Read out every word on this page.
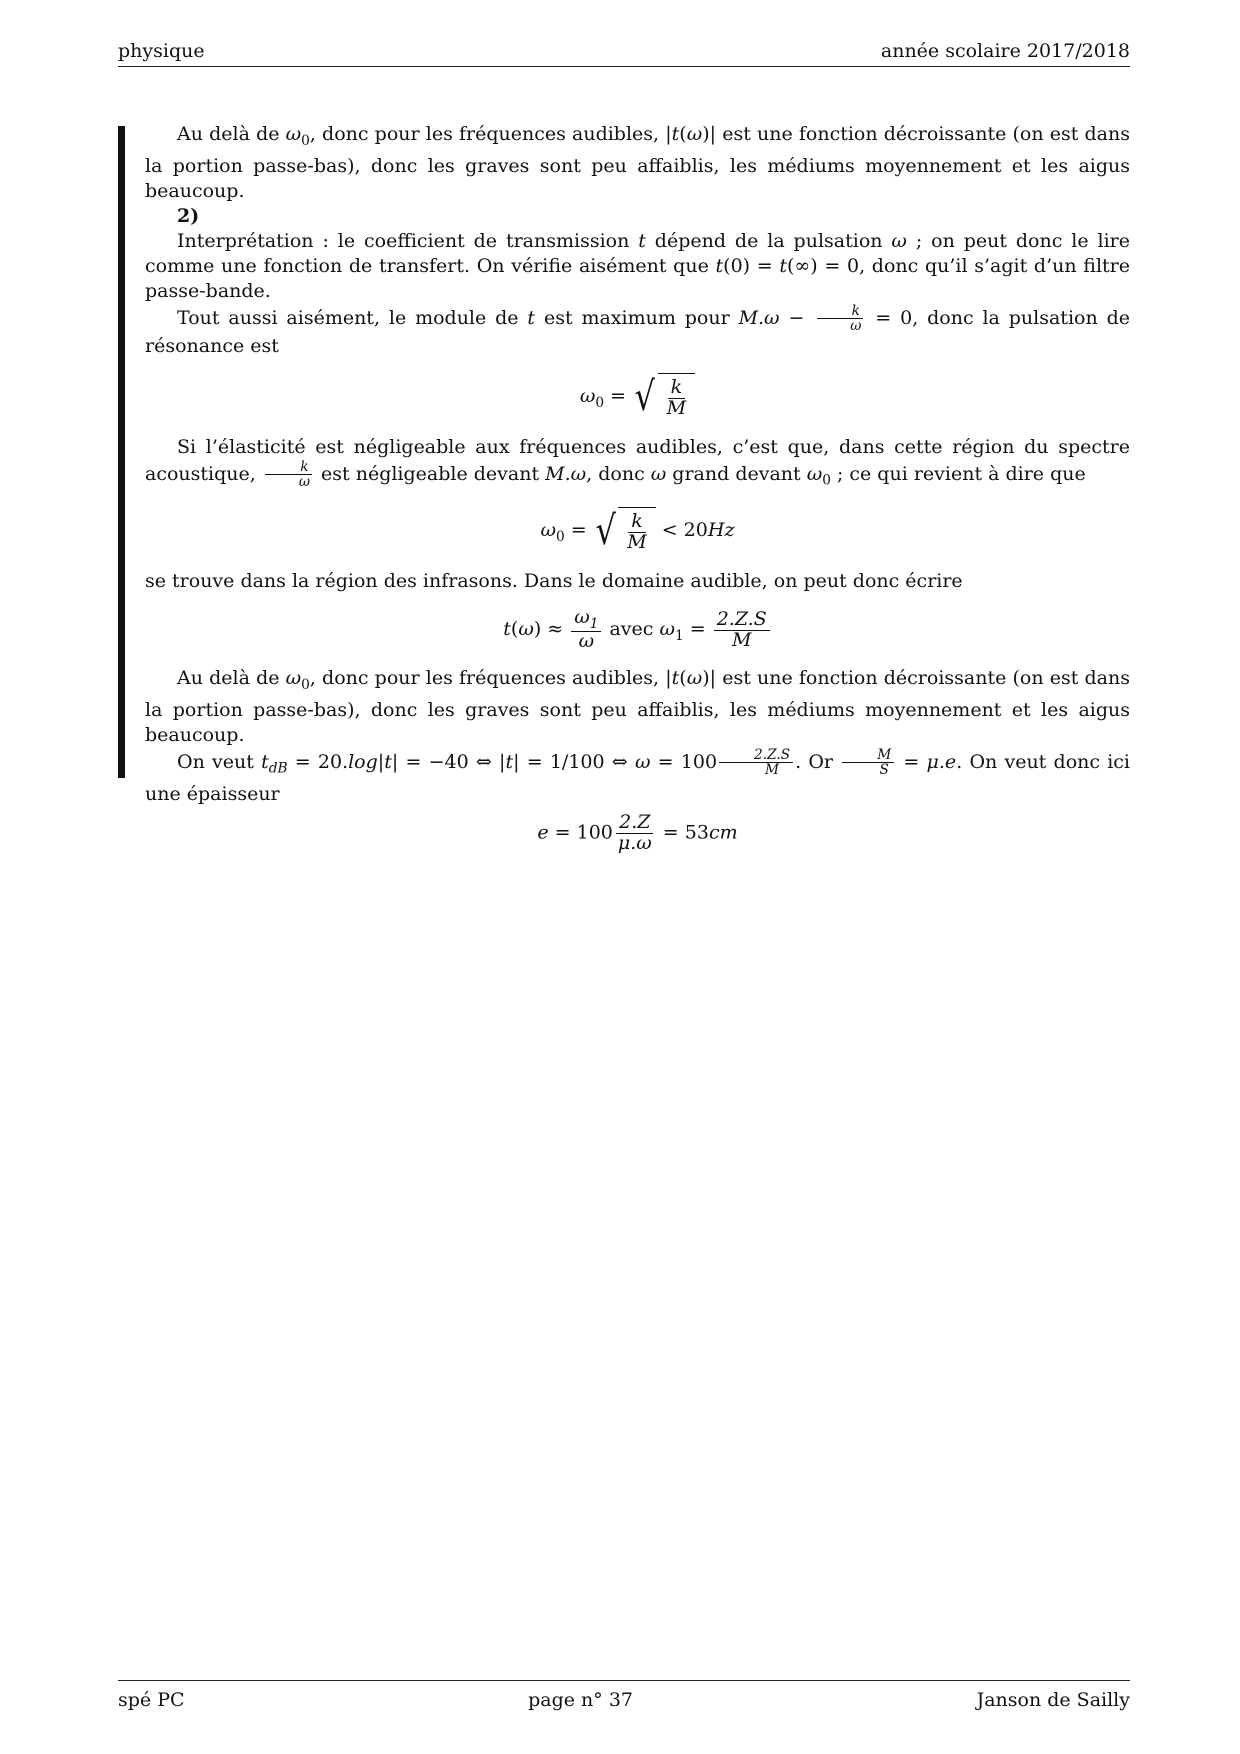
physique	année scolaire 2017/2018

Au delà de $\omega_0$, donc pour les fréquences audibles, |t(ω)| est une fonction décroissante (on est dans la portion passe-bas), donc les graves sont peu affaiblis, les médiums moyennement et les aigus beaucoup.

2)

Interprétation : le coefficient de transmission t dépend de la pulsation ω ; on peut donc le lire comme une fonction de transfert. On vérifie aisément que t(0) = t(∞) = 0, donc qu’il s’agit d’un filtre passe-bande.

Tout aussi aisément, le module de t est maximum pour $M.\omega - \frac{k}{\omega} = 0$, donc la pulsation de résonance est

$\omega_0$ = √ $\frac{k}{M}$

Si l’élasticité est négligeable aux fréquences audibles, c’est que, dans cette région du spectre acoustique, $\frac{k}{\omega}$ est négligeable devant M.ω, donc ω grand devant $\omega_0$ ; ce qui revient à dire que

$\omega_0$ = √ $\frac{k}{M} < 20Hz$

se trouve dans la région des infrasons. Dans le domaine audible, on peut donc écrire

$t(\omega) \approx \frac{\omega_1}{\omega}$ avec $\omega_1 = \frac{2.Z.S}{M}$

Au delà de $\omega_0$, donc pour les fréquences audibles, |t(ω)| est une fonction décroissante (on est dans la portion passe-bas), donc les graves sont peu affaiblis, les médiums moyennement et les aigus beaucoup.

On veut $t_{dB} = 20.\log|t| = -40$ ⇔ |t| = 1/100 ⇔ $\omega = 100 \frac{2.Z.S}{M}$ . Or $\frac{M}{S} = \mu.e$. On veut donc ici une épaisseur

$e = 100 \frac{2.Z}{\mu.\omega} = 53cm$
spé PC	page n° 37	Janson de Sailly
